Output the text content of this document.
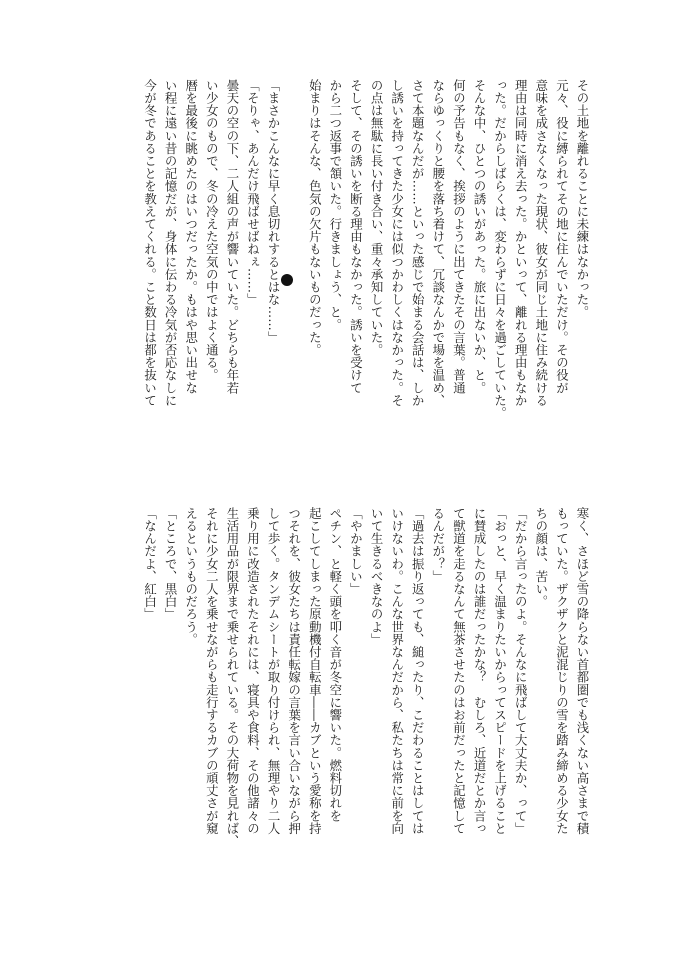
その土地を離れることに未練はなかった。
元々、役に縛られてその地に住んでいただけ。その役が
意味を成さなくなった現状、彼女が同じ土地に住み続ける
理由は同時に消え去った。かといって、離れる理由もなか
った。だからしばらくは、変わらずに日々を過ごしていた。
そんな中、ひとつの誘いがあった。旅に出ないか、と。
何の予告もなく、挨拶のように出てきたその言葉。普通
ならゆっくりと腰を落ち着けて、冗談なんかで場を温め、
さて本題なんだが……といった感じで始まる会話は、しか
し誘いを持ってきた少女には似つかわしくはなかった。そ
の点は無駄に長い付き合い、重々承知していた。
そして、その誘いを断る理由もなかった。誘いを受けて
から二つ返事で頷いた。行きましょう、と。
始まりはそんな、色気の欠片もないものだった。

「まさかこんなに早く息切れするとはな……」
「そりゃ、あんだけ飛ばせばねぇ……」
曇天の空の下、二人組の声が響いていた。どちらも年若
い少女のもので、冬の冷えた空気の中ではよく通る。
暦を最後に眺めたのはいつだったか。もはや思い出せな
い程に遠い昔の記憶だが、身体に伝わる冷気が否応なしに
今が冬であることを教えてくれる。こと数日は都を抜いて
寒く、さほど雪の降らない首都圏でも浅くない高さまで積
もっていた。ザクザクと泥混じりの雪を踏み締める少女た
ちの顔は、苦い。
「だから言ったのよ。そんなに飛ばして大丈夫か、って」
「おっと、早く温まりたいからってスピードを上げること
に賛成したのは誰だったかな？　むしろ、近道だとか言っ
て獣道を走るなんて無茶させたのはお前だったと記憶して
るんだが？」
「過去は振り返っても、縋ったり、こだわることはしては
いけないわ。こんな世界なんだから、私たちは常に前を向
いて生きるべきなのよ」
「やかましい」
ペチン、と軽く頭を叩く音が冬空に響いた。燃料切れを
起こしてしまった原動機付自転車――カブという愛称を持
つそれを、彼女たちは責任転嫁の言葉を言い合いながら押
して歩く。タンデムシートが取り付けられ、無理やり二人
乗り用に改造されたそれには、寝具や食料、その他諸々の
生活用品が限界まで乗せられている。その大荷物を見れば、
それに少女二人を乗せながらも走行するカブの頑丈さが窺
えるというものだろう。
「ところで、黒白」
「なんだよ、紅白」
